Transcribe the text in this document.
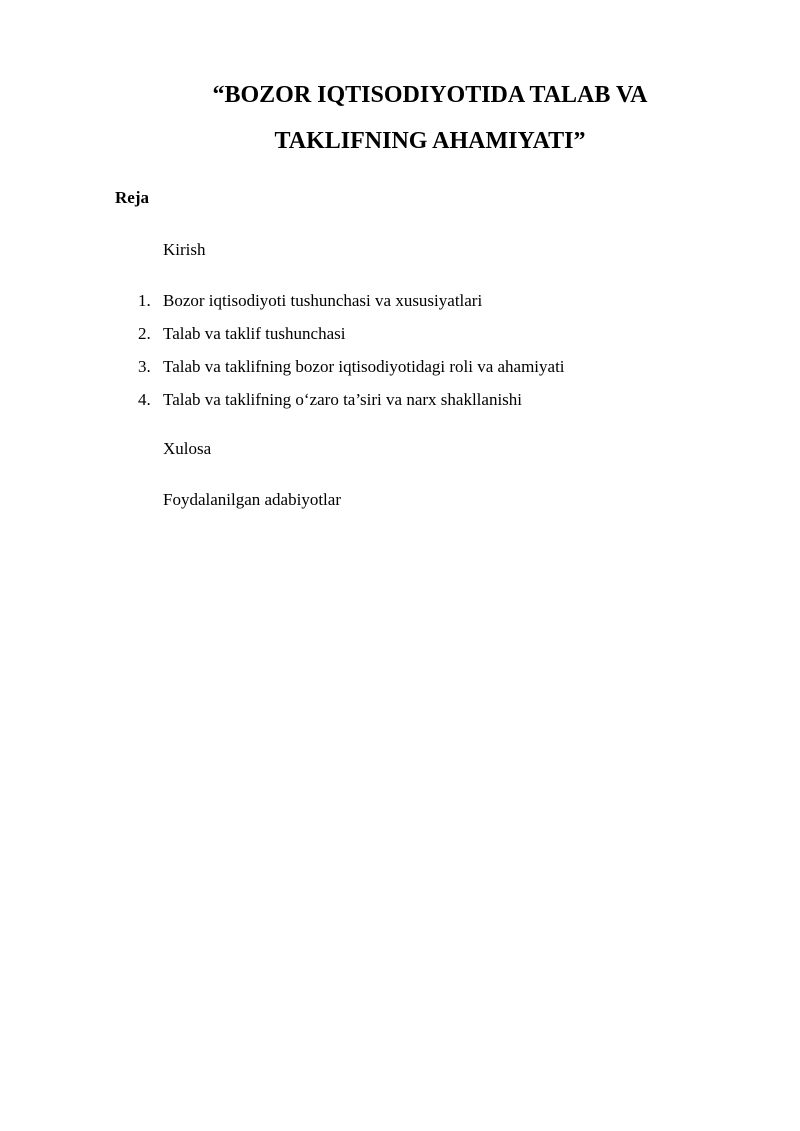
“BOZOR IQTISODIYOTIDA TALAB VA
TAKLIFNING AHAMIYATI”
Reja
Kirish
1. Bozor iqtisodiyoti tushunchasi va xususiyatlari
2. Talab va taklif tushunchasi
3. Talab va taklifning bozor iqtisodiyotidagi roli va ahamiyati
4. Talab va taklifning o‘zaro ta’siri va narx shakllanishi
Xulosa
Foydalanilgan adabiyotlar
